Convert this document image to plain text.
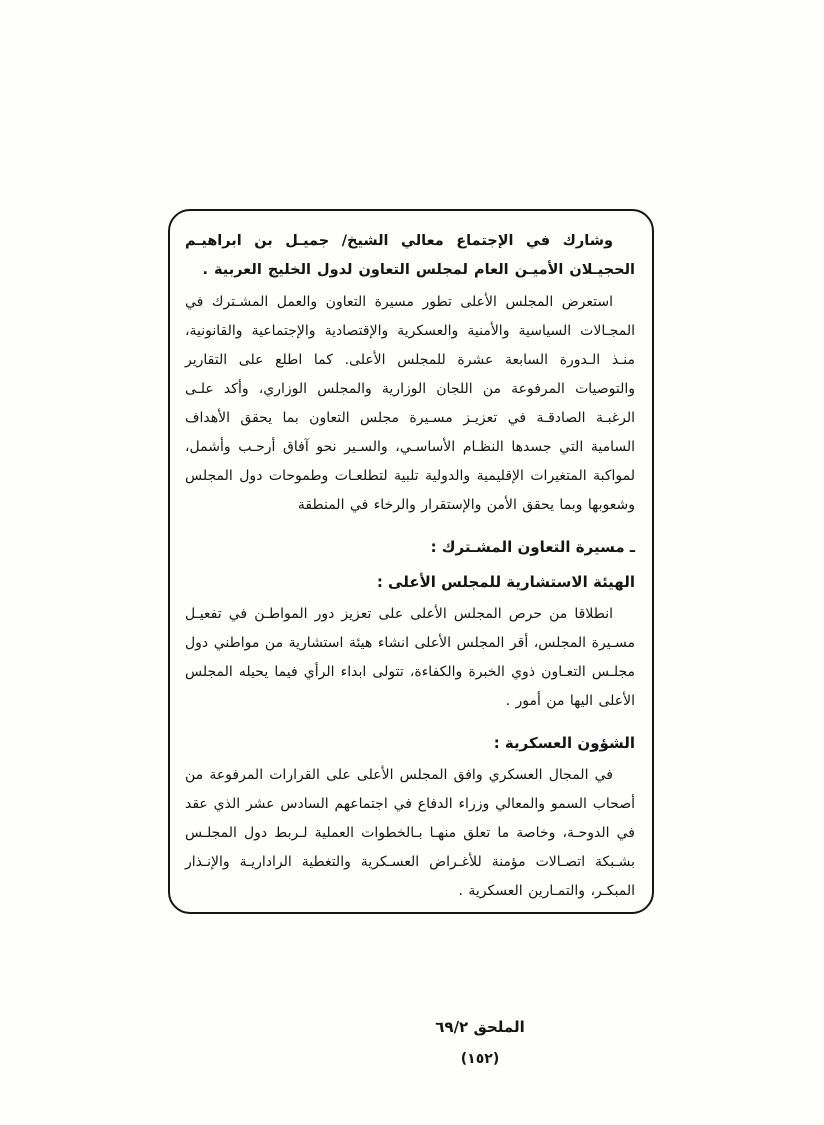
وشارك في الإجتماع معالي الشيخ/ جميـل بن ابراهيـم الحجيـلان الأميـن العام لمجلس التعاون لدول الخليج العربية .

استعرض المجلس الأعلى تطور مسيرة التعاون والعمل المشـترك في المجـالات السياسية والأمنية والعسكرية والإقتصادية والإجتماعية والقانونية، منـذ الـدورة السابعة عشرة للمجلس الأعلى. كما اطلع على التقارير والتوصيات المرفوعة من اللجان الوزارية والمجلس الوزاري، وأكد علـى الرغبـة الصادقـة في تعزيـز مسـيرة مجلس التعاون بما يحقق الأهداف السامية التي جسدها النظـام الأساسـي، والسـير نحو آفاق أرحـب وأشمل، لمواكبة المتغيرات الإقليمية والدولية تلبية لتطلعـات وطموحات دول المجلس وشعوبها وبما يحقق الأمن والإستقرار والرخاء في المنطقة

ـ مسيرة التعاون المشـترك :
الهيئة الاستشارية للمجلس الأعلى :

انطلاقا من حرص المجلس الأعلى على تعزيز دور المواطـن في تفعيـل مسـيرة المجلس، أقر المجلس الأعلى انشاء هيئة استشارية من مواطني دول مجلـس التعـاون ذوي الخبرة والكفاءة، تتولى ابداء الرأي فيما يحيله المجلس الأعلى اليها من أمور .

الشؤون العسكرية :

في المجال العسكري وافق المجلس الأعلى على القرارات المرفوعة من أصحاب السمو والمعالي وزراء الدفاع في اجتماعهم السادس عشر الذي عقد في الدوحـة، وخاصة ما تعلق منهـا بـالخطوات العملية لـربط دول المجلـس بشـبكة اتصـالات مؤمنة للأغـراض العسـكرية والتغطية الراداريـة والإنـذار المبكـر، والتمـارين العسكرية .

الملحق ٦٩/٢
(١٥٢)
